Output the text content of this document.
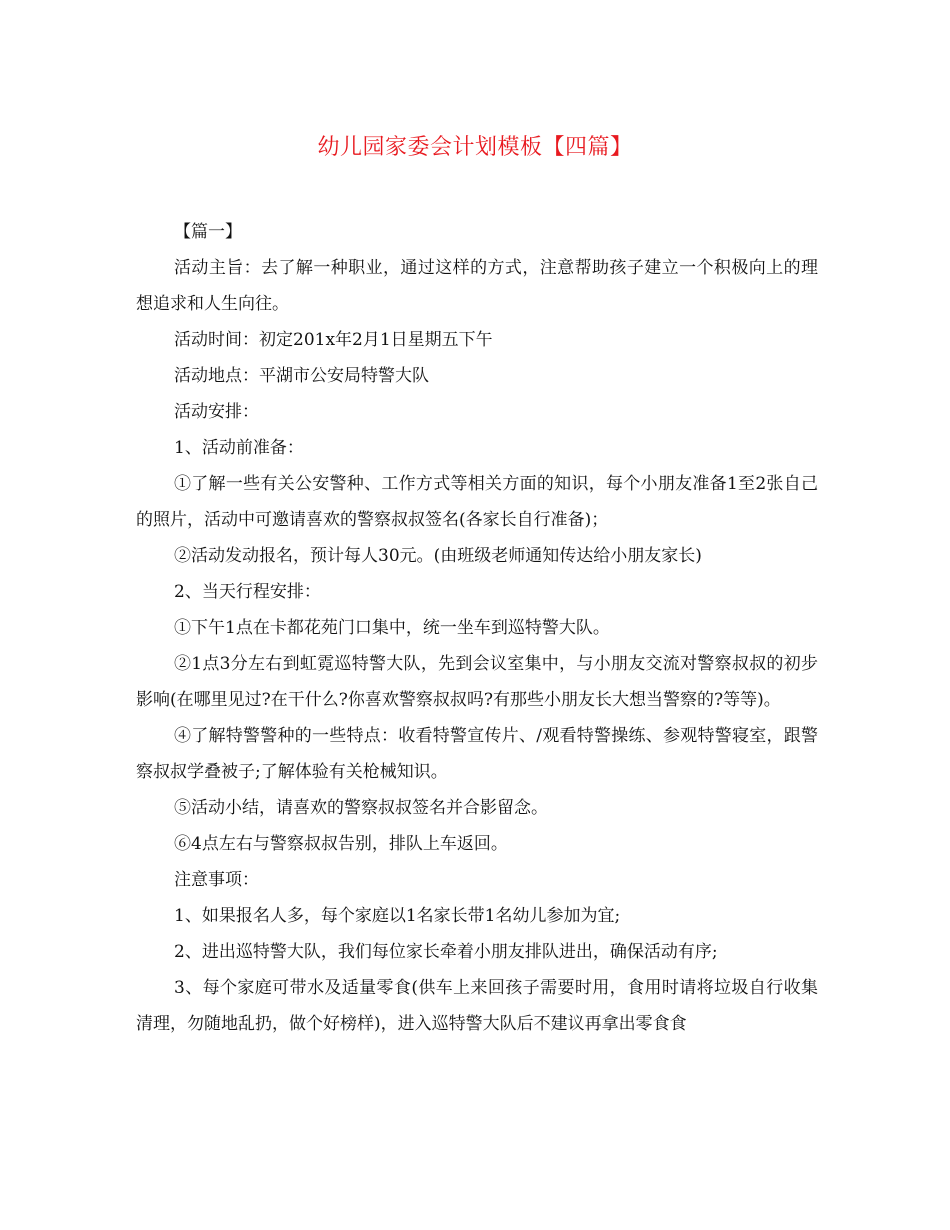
幼儿园家委会计划模板【四篇】

【篇一】

活动主旨：去了解一种职业，通过这样的方式，注意帮助孩子建立一个积极向上的理想追求和人生向往。

活动时间：初定201x年2月1日星期五下午

活动地点：平湖市公安局特警大队

活动安排：

1、活动前准备：

①了解一些有关公安警种、工作方式等相关方面的知识，每个小朋友准备1至2张自己的照片，活动中可邀请喜欢的警察叔叔签名(各家长自行准备)；

②活动发动报名，预计每人30元。(由班级老师通知传达给小朋友家长)

2、当天行程安排：

①下午1点在卡都花苑门口集中，统一坐车到巡特警大队。

②1点3分左右到虹霓巡特警大队，先到会议室集中，与小朋友交流对警察叔叔的初步影响(在哪里见过?在干什么?你喜欢警察叔叔吗?有那些小朋友长大想当警察的?等等)。

④了解特警警种的一些特点：收看特警宣传片、/观看特警操练、参观特警寝室，跟警察叔叔学叠被子;了解体验有关枪械知识。

⑤活动小结，请喜欢的警察叔叔签名并合影留念。

⑥4点左右与警察叔叔告别，排队上车返回。

注意事项：

1、如果报名人多，每个家庭以1名家长带1名幼儿参加为宜;

2、进出巡特警大队，我们每位家长牵着小朋友排队进出，确保活动有序;

3、每个家庭可带水及适量零食(供车上来回孩子需要时用，食用时请将垃圾自行收集清理，勿随地乱扔，做个好榜样)，进入巡特警大队后不建议再拿出零食食
